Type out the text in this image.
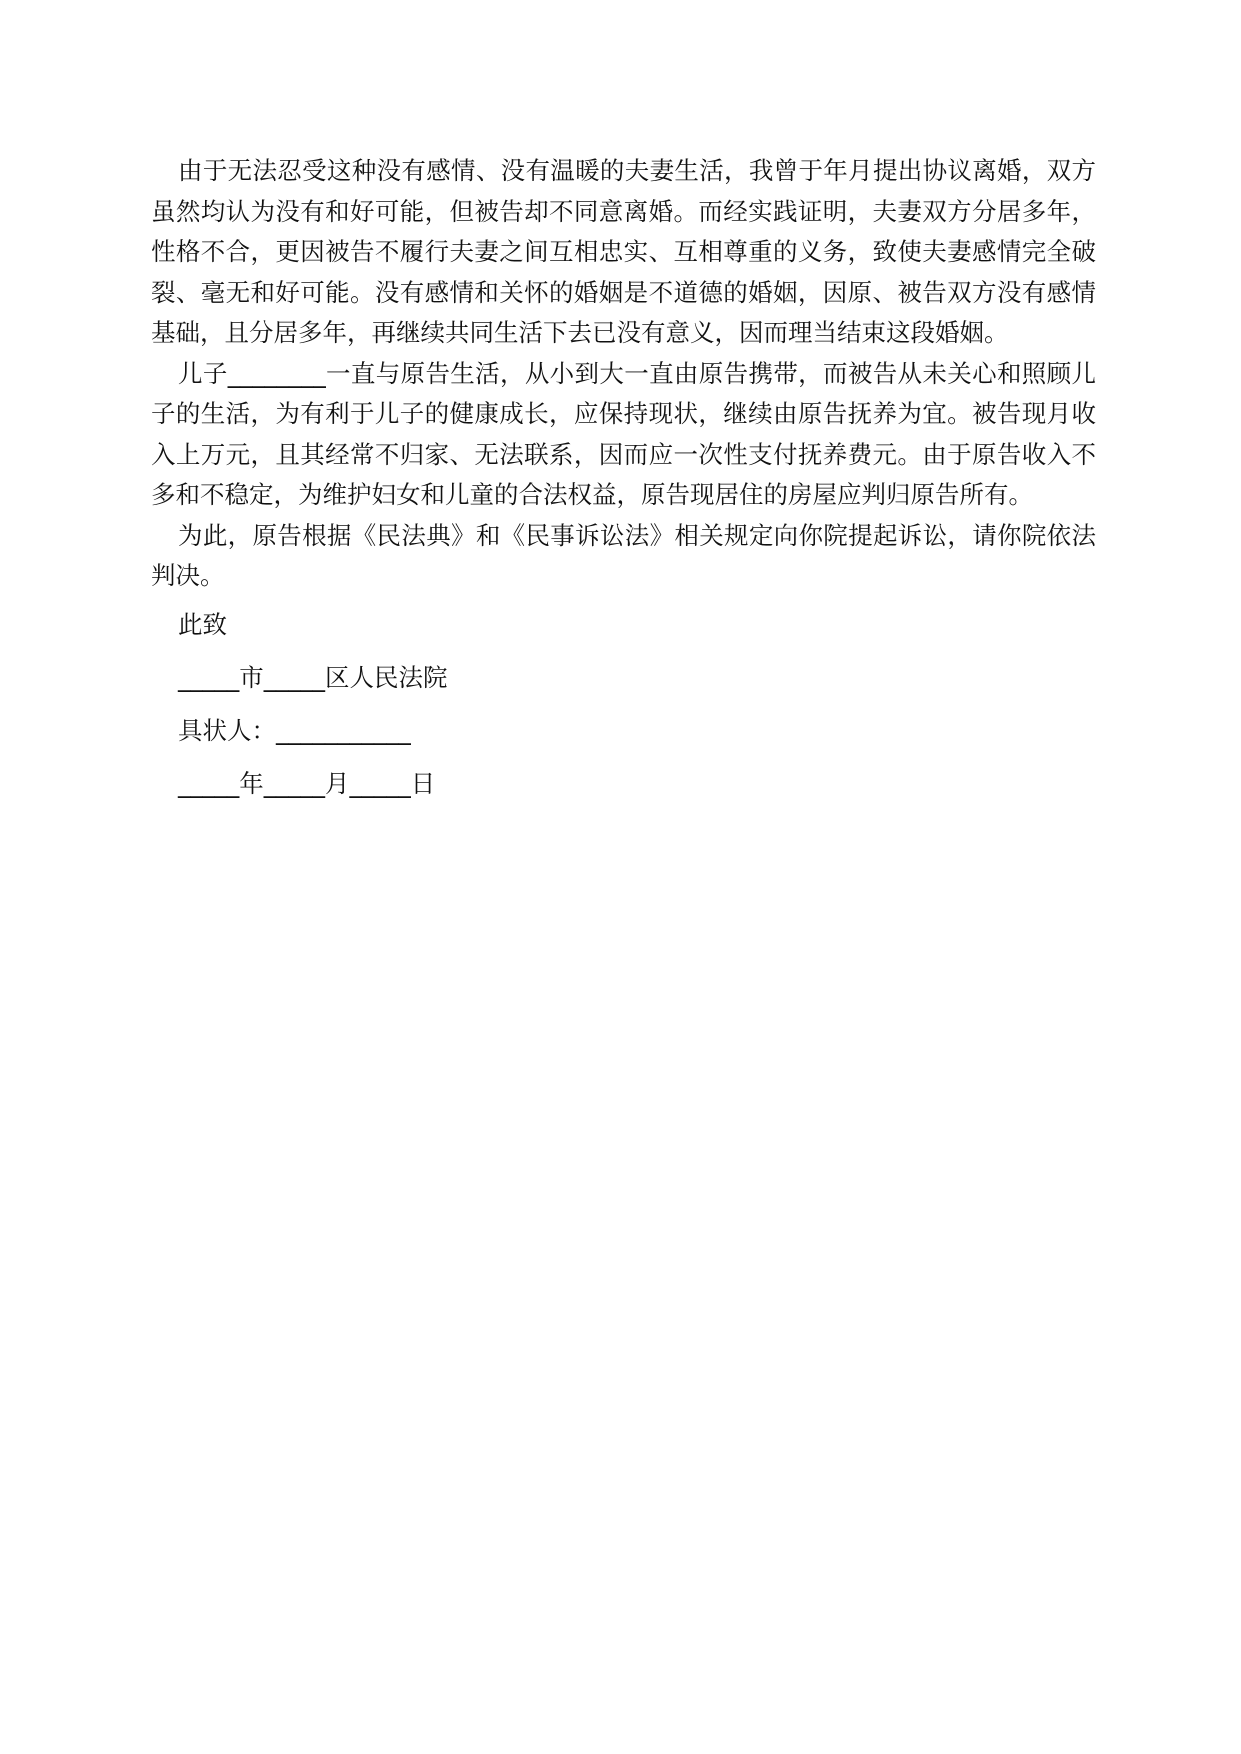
由于无法忍受这种没有感情、没有温暖的夫妻生活，我曾于年月提出协议离婚，双方虽然均认为没有和好可能，但被告却不同意离婚。而经实践证明，夫妻双方分居多年，性格不合，更因被告不履行夫妻之间互相忠实、互相尊重的义务，致使夫妻感情完全破裂、毫无和好可能。没有感情和关怀的婚姻是不道德的婚姻，因原、被告双方没有感情基础，且分居多年，再继续共同生活下去已没有意义，因而理当结束这段婚姻。

儿子________一直与原告生活，从小到大一直由原告携带，而被告从未关心和照顾儿子的生活，为有利于儿子的健康成长，应保持现状，继续由原告抚养为宜。被告现月收入上万元，且其经常不归家、无法联系，因而应一次性支付抚养费元。由于原告收入不多和不稳定，为维护妇女和儿童的合法权益，原告现居住的房屋应判归原告所有。

为此，原告根据《民法典》和《民事诉讼法》相关规定向你院提起诉讼，请你院依法判决。

此致

_____市_____区人民法院

具状人：___________

_____年_____月_____日
